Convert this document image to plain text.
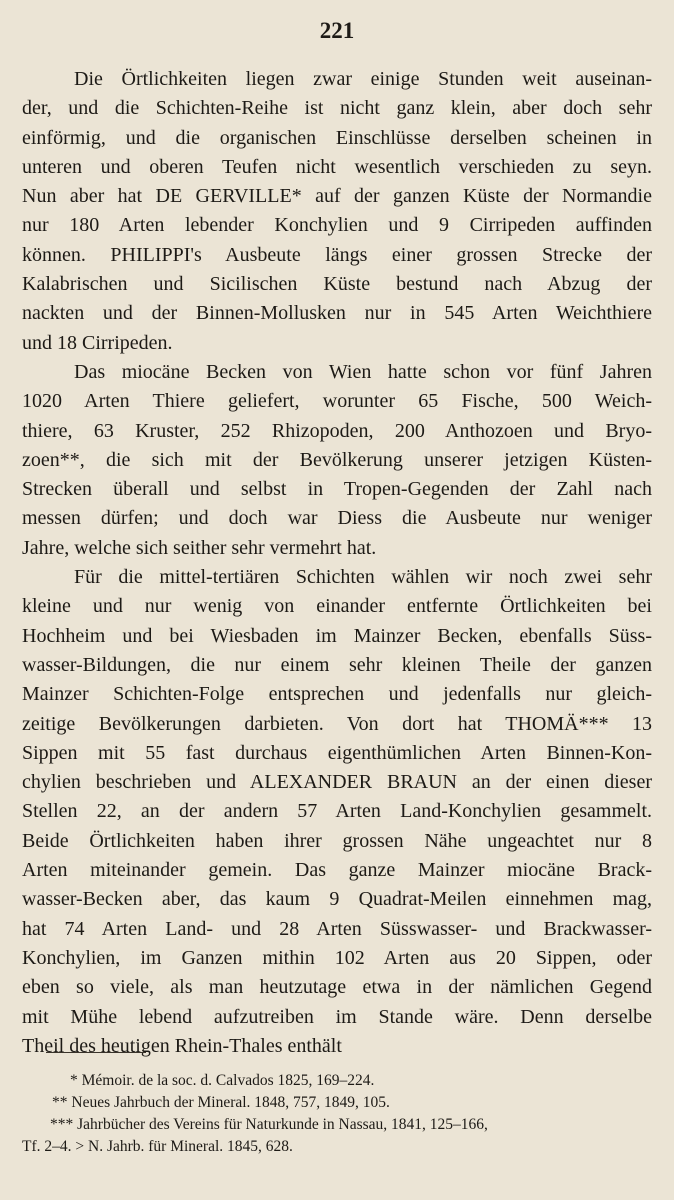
221
Die Örtlichkeiten liegen zwar einige Stunden weit auseinan-
der, und die Schichten-Reihe ist nicht ganz klein, aber doch sehr
einförmig, und die organischen Einschlüsse derselben scheinen in
unteren und oberen Teufen nicht wesentlich verschieden zu seyn.
Nun aber hat DE GERVILLE* auf der ganzen Küste der Normandie
nur 180 Arten lebender Konchylien und 9 Cirripeden auffinden
können. PHILIPPI's Ausbeute längs einer grossen Strecke der
Kalabrischen und Sicilischen Küste bestund nach Abzug der
nackten und der Binnen-Mollusken nur in 545 Arten Weichthiere
und 18 Cirripeden.
Das miocäne Becken von Wien hatte schon vor fünf Jahren
1020 Arten Thiere geliefert, worunter 65 Fische, 500 Weich-
thiere, 63 Kruster, 252 Rhizopoden, 200 Anthozoen und Bryo-
zoen**, die sich mit der Bevölkerung unserer jetzigen Küsten-
Strecken überall und selbst in Tropen-Gegenden der Zahl nach
messen dürfen; und doch war Diess die Ausbeute nur weniger
Jahre, welche sich seither sehr vermehrt hat.
Für die mittel-tertiären Schichten wählen wir noch zwei sehr
kleine und nur wenig von einander entfernte Örtlichkeiten bei
Hochheim und bei Wiesbaden im Mainzer Becken, ebenfalls Süss-
wasser-Bildungen, die nur einem sehr kleinen Theile der ganzen
Mainzer Schichten-Folge entsprechen und jedenfalls nur gleich-
zeitige Bevölkerungen darbieten. Von dort hat THOMÄ*** 13
Sippen mit 55 fast durchaus eigenthümlichen Arten Binnen-Kon-
chylien beschrieben und ALEXANDER BRAUN an der einen dieser
Stellen 22, an der andern 57 Arten Land-Konchylien gesammelt.
Beide Örtlichkeiten haben ihrer grossen Nähe ungeachtet nur 8
Arten miteinander gemein. Das ganze Mainzer miocäne Brack-
wasser-Becken aber, das kaum 9 Quadrat-Meilen einnehmen mag,
hat 74 Arten Land- und 28 Arten Süsswasser- und Brackwasser-
Konchylien, im Ganzen mithin 102 Arten aus 20 Sippen, oder
eben so viele, als man heutzutage etwa in der nämlichen Gegend
mit Mühe lebend aufzutreiben im Stande wäre. Denn derselbe
Theil des heutigen Rhein-Thales enthält
* Mémoir. de la soc. d. Calvados 1825, 169–224.
** Neues Jahrbuch der Mineral. 1848, 757, 1849, 105.
*** Jahrbücher des Vereins für Naturkunde in Nassau, 1841, 125–166,
Tf. 2–4. > N. Jahrb. für Mineral. 1845, 628.
